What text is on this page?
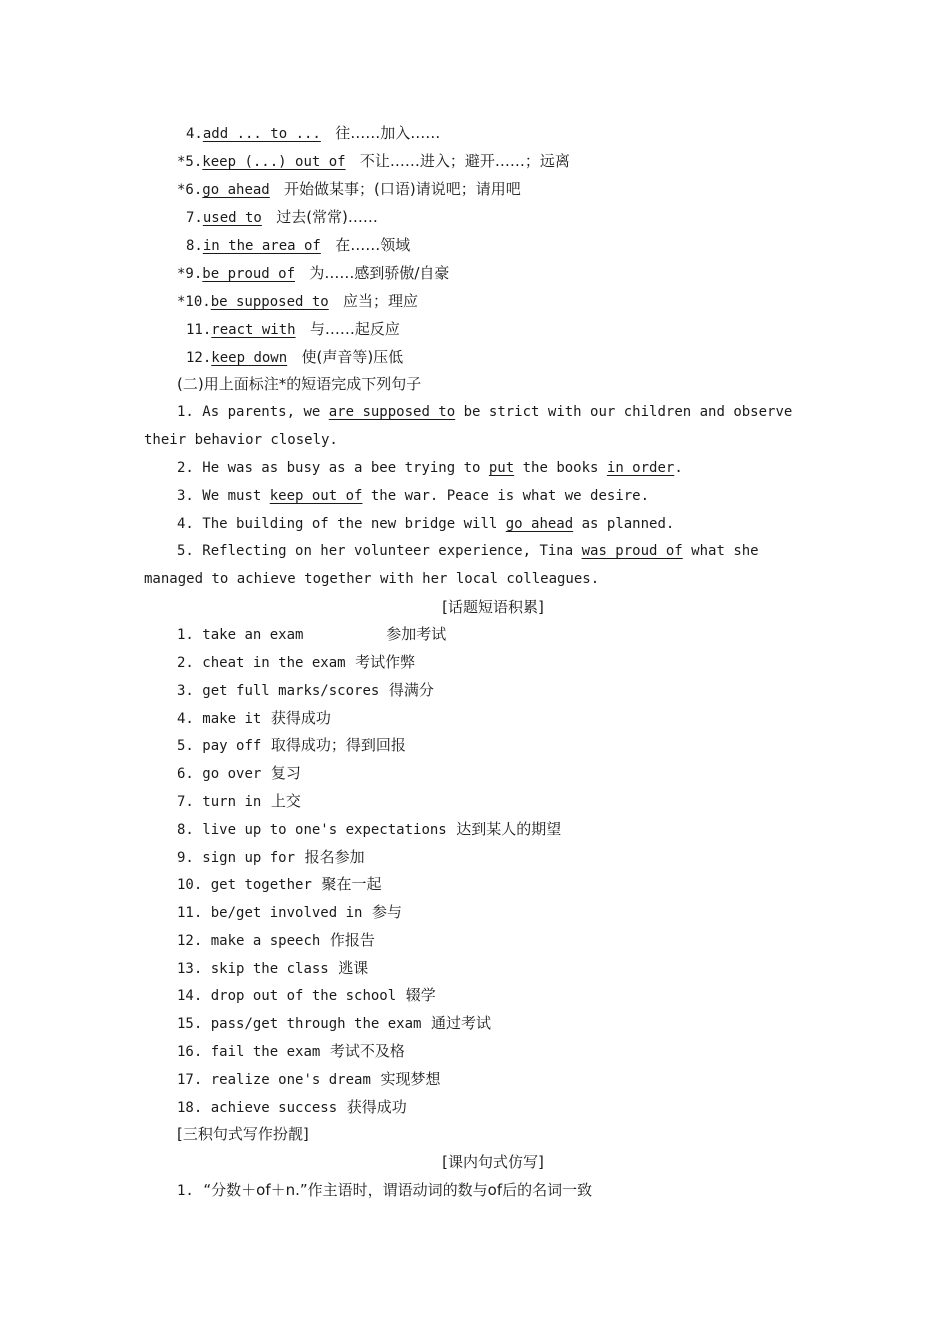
4.add ... to ... 往……加入……
*5.keep (...) out of 不让……进入；避开……；远离
*6.go ahead 开始做某事；(口语)请说吧；请用吧
7.used to 过去(常常)……
8.in the area of 在……领域
*9.be proud of 为……感到骄傲/自豪
*10.be supposed to 应当；理应
11.react with 与……起反应
12.keep down 使(声音等)压低
(二)用上面标注*的短语完成下列句子
1. As parents, we are supposed to be strict with our children and observe
their behavior closely.
2. He was as busy as a bee trying to put the books in order.
3. We must keep out of the war. Peace is what we desire.
4. The building of the new bridge will go ahead as planned.
5. Reflecting on her volunteer experience, Tina was proud of what she
managed to achieve together with her local colleagues.
[话题短语积累]
1. take an exam	参加考试
2. cheat in the exam 考试作弊
3. get full marks/scores 得满分
4. make it 获得成功
5. pay off 取得成功；得到回报
6. go over 复习
7. turn in 上交
8. live up to one's expectations 达到某人的期望
9. sign up for 报名参加
10. get together 聚在一起
11. be/get involved in 参与
12. make a speech 作报告
13. skip the class 逃课
14. drop out of the school 辍学
15. pass/get through the exam 通过考试
16. fail the exam 考试不及格
17. realize one's dream 实现梦想
18. achieve success 获得成功
[三积句式写作扮靓]
[课内句式仿写]
1. “分数＋of＋n.”作主语时，谓语动词的数与of后的名词一致
